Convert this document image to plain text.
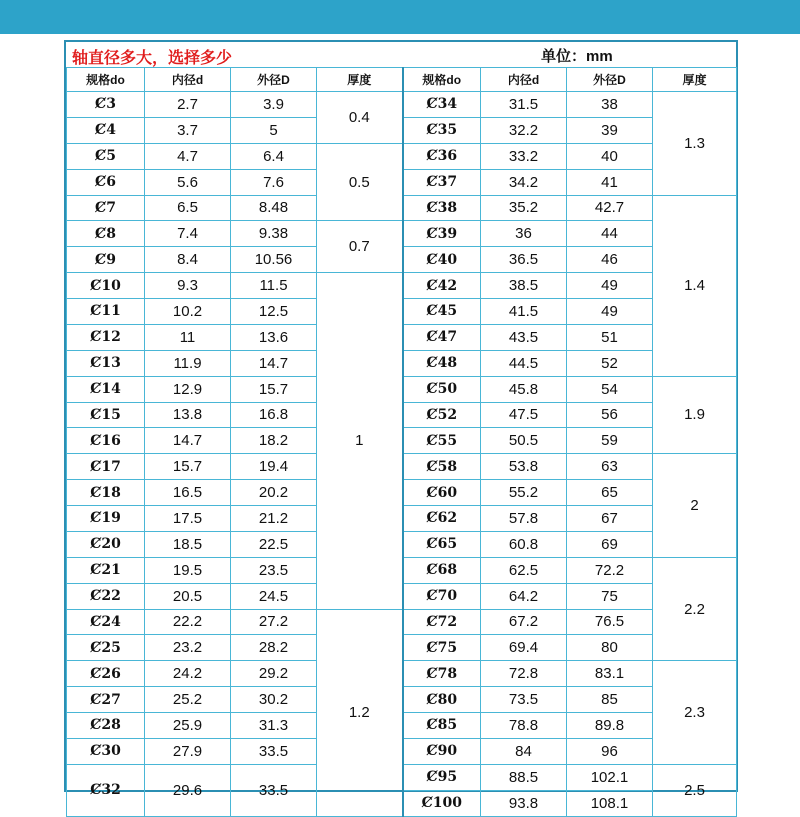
轴直径多大，选择多少	单位：mm
规格do	内径d	外径D	厚度	规格do	内径d	外径D	厚度
Ȼ3	2.7	3.9	0.4	Ȼ34	31.5	38	1.3
Ȼ4	3.7	5		Ȼ35	32.2	39	
Ȼ5	4.7	6.4	0.5	Ȼ36	33.2	40	
Ȼ6	5.6	7.6		Ȼ37	34.2	41	
Ȼ7	6.5	8.48		Ȼ38	35.2	42.7	1.4
Ȼ8	7.4	9.38	0.7	Ȼ39	36	44	
Ȼ9	8.4	10.56		Ȼ40	36.5	46	
Ȼ10	9.3	11.5	1	Ȼ42	38.5	49	
Ȼ11	10.2	12.5		Ȼ45	41.5	49	
Ȼ12	11	13.6		Ȼ47	43.5	51	
Ȼ13	11.9	14.7		Ȼ48	44.5	52	
Ȼ14	12.9	15.7		Ȼ50	45.8	54	1.9
Ȼ15	13.8	16.8		Ȼ52	47.5	56	
Ȼ16	14.7	18.2		Ȼ55	50.5	59	
Ȼ17	15.7	19.4		Ȼ58	53.8	63	2
Ȼ18	16.5	20.2		Ȼ60	55.2	65	
Ȼ19	17.5	21.2		Ȼ62	57.8	67	
Ȼ20	18.5	22.5		Ȼ65	60.8	69	
Ȼ21	19.5	23.5		Ȼ68	62.5	72.2	2.2
Ȼ22	20.5	24.5		Ȼ70	64.2	75	
Ȼ24	22.2	27.2	1.2	Ȼ72	67.2	76.5	
Ȼ25	23.2	28.2		Ȼ75	69.4	80	
Ȼ26	24.2	29.2		Ȼ78	72.8	83.1	2.3
Ȼ27	25.2	30.2		Ȼ80	73.5	85	
Ȼ28	25.9	31.3		Ȼ85	78.8	89.8	
Ȼ30	27.9	33.5		Ȼ90	84	96	
Ȼ32	29.6	33.5		Ȼ95	88.5	102.1	2.5
				Ȼ100	93.8	108.1	
